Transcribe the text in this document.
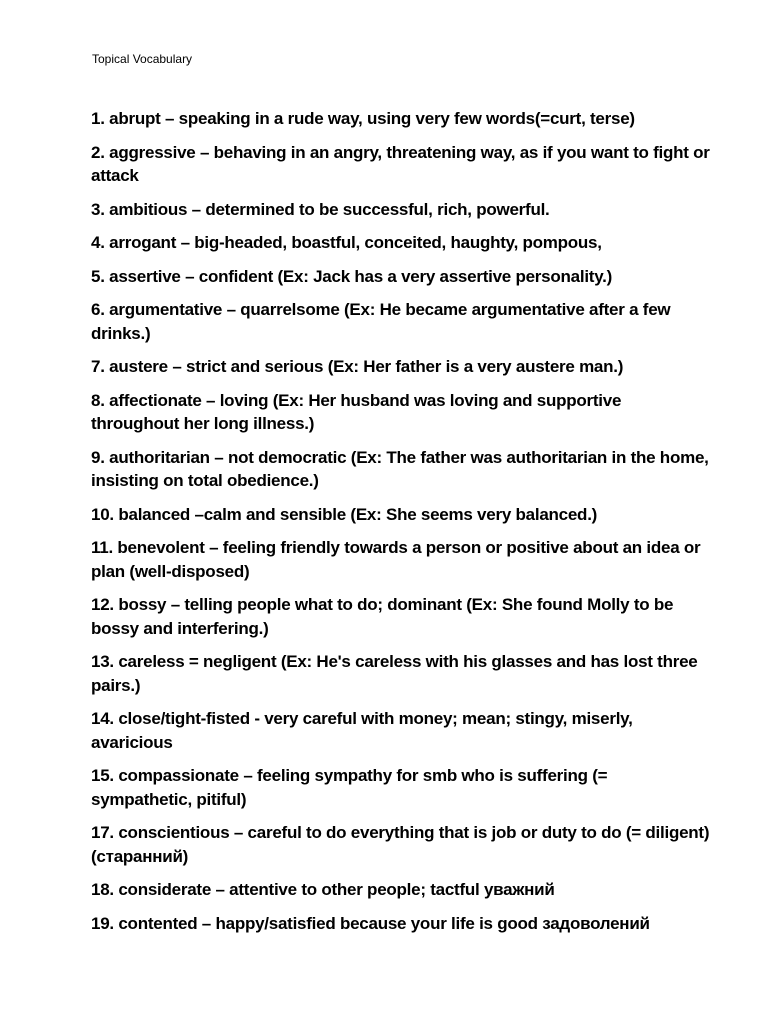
Topical Vocabulary
1. abrupt – speaking in a rude way, using very few words(=curt, terse)
2. aggressive – behaving in an angry, threatening way, as if you want to fight or attack
3. ambitious – determined to be successful, rich, powerful.
4. arrogant – big-headed, boastful, conceited, haughty, pompous,
5. assertive – confident (Ex: Jack has a very assertive personality.)
6. argumentative – quarrelsome (Ex: He became argumentative after a few drinks.)
7. austere – strict and serious (Ex: Her father is a very austere man.)
8. affectionate – loving (Ex: Her husband was loving and supportive throughout her long illness.)
9. authoritarian – not democratic (Ex: The father was authoritarian in the home, insisting on total obedience.)
10. balanced –calm and sensible (Ex: She seems very balanced.)
11. benevolent – feeling friendly towards a person or positive about an idea or plan (well-disposed)
12. bossy – telling people what to do; dominant (Ex: She found Molly to be bossy and interfering.)
13. careless = negligent (Ex: He's careless with his glasses and has lost three pairs.)
14. close/tight-fisted - very careful with money; mean; stingy, miserly, avaricious
15. compassionate – feeling sympathy for smb who is suffering (= sympathetic, pitiful)
17. conscientious – careful to do everything that is job or duty to do (= diligent) (старанний)
18. considerate – attentive to other people; tactful уважний
19. contented – happy/satisfied because your life is good задоволений
